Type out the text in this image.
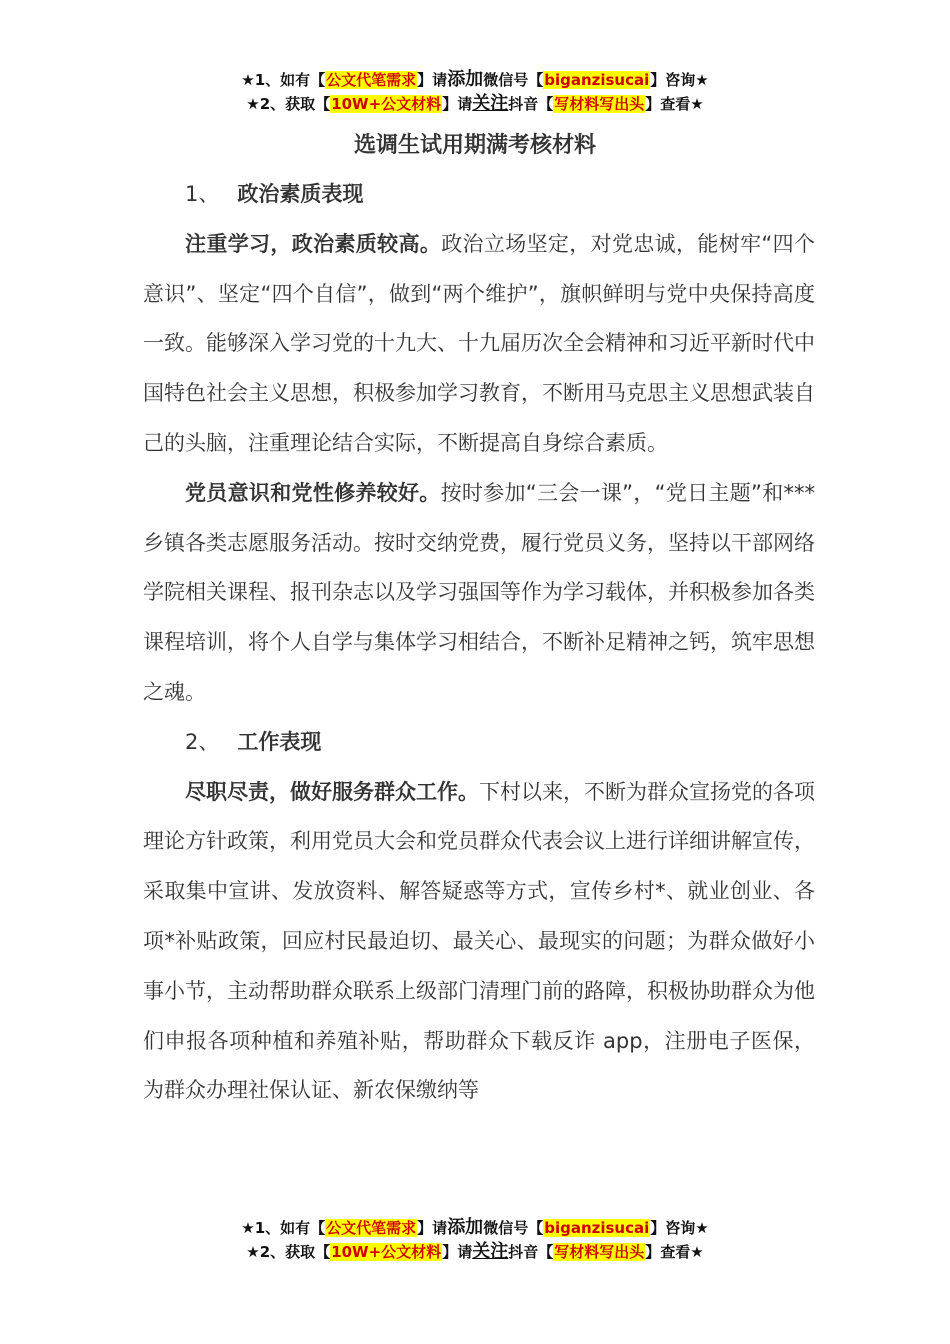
★1、如有【公文代笔需求】请添加微信号【biganzisucai】咨询★
★2、获取【10W+公文材料】请关注抖音【写材料写出头】查看★
选调生试用期满考核材料

1、 政治素质表现

注重学习，政治素质较高。政治立场坚定，对党忠诚，能树牢“四个意识”、坚定“四个自信”，做到“两个维护”，旗帜鲜明与党中央保持高度一致。能够深入学习党的十九大、十九届历次全会精神和习近平新时代中国特色社会主义思想，积极参加学习教育，不断用马克思主义思想武装自己的头脑，注重理论结合实际，不断提高自身综合素质。

党员意识和党性修养较好。按时参加“三会一课”，“党日主题”和***乡镇各类志愿服务活动。按时交纳党费，履行党员义务，坚持以干部网络学院相关课程、报刊杂志以及学习强国等作为学习载体，并积极参加各类课程培训，将个人自学与集体学习相结合，不断补足精神之钙，筑牢思想之魂。

2、 工作表现

尽职尽责，做好服务群众工作。下村以来，不断为群众宣扬党的各项理论方针政策，利用党员大会和党员群众代表会议上进行详细讲解宣传，采取集中宣讲、发放资料、解答疑惑等方式，宣传乡村*、就业创业、各项*补贴政策，回应村民最迫切、最关心、最现实的问题；为群众做好小事小节，主动帮助群众联系上级部门清理门前的路障，积极协助群众为他们申报各项种植和养殖补贴，帮助群众下载反诈 app，注册电子医保，为群众办理社保认证、新农保缴纳等

★1、如有【公文代笔需求】请添加微信号【biganzisucai】咨询★
★2、获取【10W+公文材料】请关注抖音【写材料写出头】查看★
